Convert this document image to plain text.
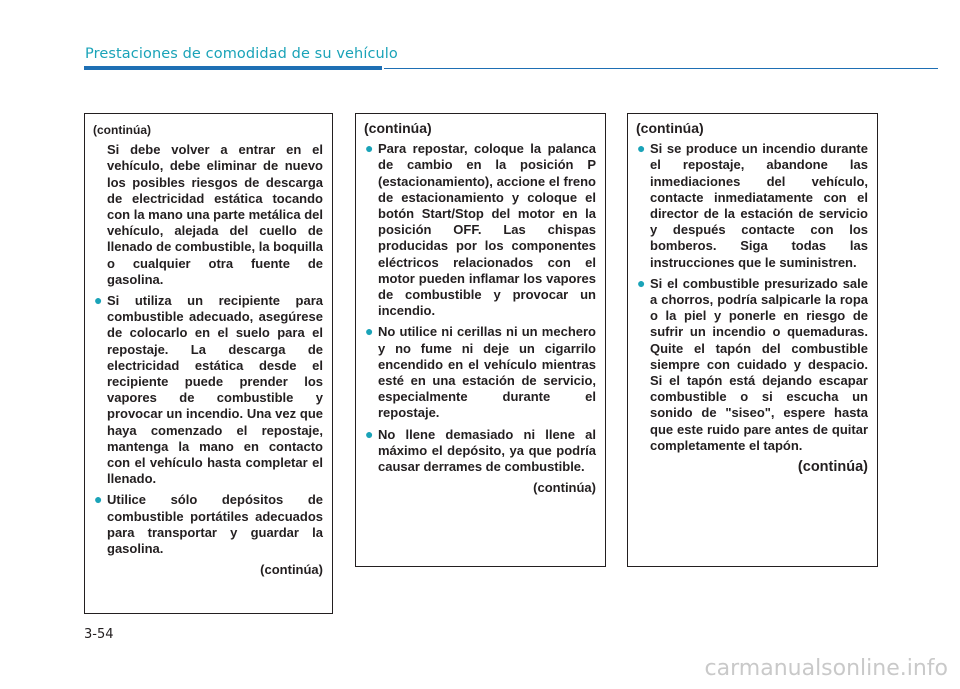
Prestaciones de comodidad de su vehículo
(continúa)
Si debe volver a entrar en el vehículo, debe eliminar de nuevo los posibles riesgos de descarga de electricidad estática tocando con la mano una parte metálica del vehículo, alejada del cuello de llenado de combustible, la boquilla o cualquier otra fuente de gasolina.
● Si utiliza un recipiente para combustible adecuado, asegúrese de colocarlo en el suelo para el repostaje. La descarga de electricidad estática desde el recipiente puede prender los vapores de combustible y provocar un incendio. Una vez que haya comenzado el repostaje, mantenga la mano en contacto con el vehículo hasta completar el llenado.
● Utilice sólo depósitos de combustible portátiles adecuados para transportar y guardar la gasolina.
(continúa)
(continúa)
● Para repostar, coloque la palanca de cambio en la posición P (estacionamiento), accione el freno de estacionamiento y coloque el botón Start/Stop del motor en la posición OFF. Las chispas producidas por los componentes eléctricos relacionados con el motor pueden inflamar los vapores de combustible y provocar un incendio.
● No utilice ni cerillas ni un mechero y no fume ni deje un cigarrilo encendido en el vehículo mientras esté en una estación de servicio, especialmente durante el repostaje.
● No llene demasiado ni llene al máximo el depósito, ya que podría causar derrames de combustible.
(continúa)
(continúa)
● Si se produce un incendio durante el repostaje, abandone las inmediaciones del vehículo, contacte inmediatamente con el director de la estación de servicio y después contacte con los bomberos. Siga todas las instrucciones que le suministren.
● Si el combustible presurizado sale a chorros, podría salpicarle la ropa o la piel y ponerle en riesgo de sufrir un incendio o quemaduras. Quite el tapón del combustible siempre con cuidado y despacio. Si el tapón está dejando escapar combustible o si escucha un sonido de "siseo", espere hasta que este ruido pare antes de quitar completamente el tapón.
(continúa)
3-54
carmanualsonline.info
